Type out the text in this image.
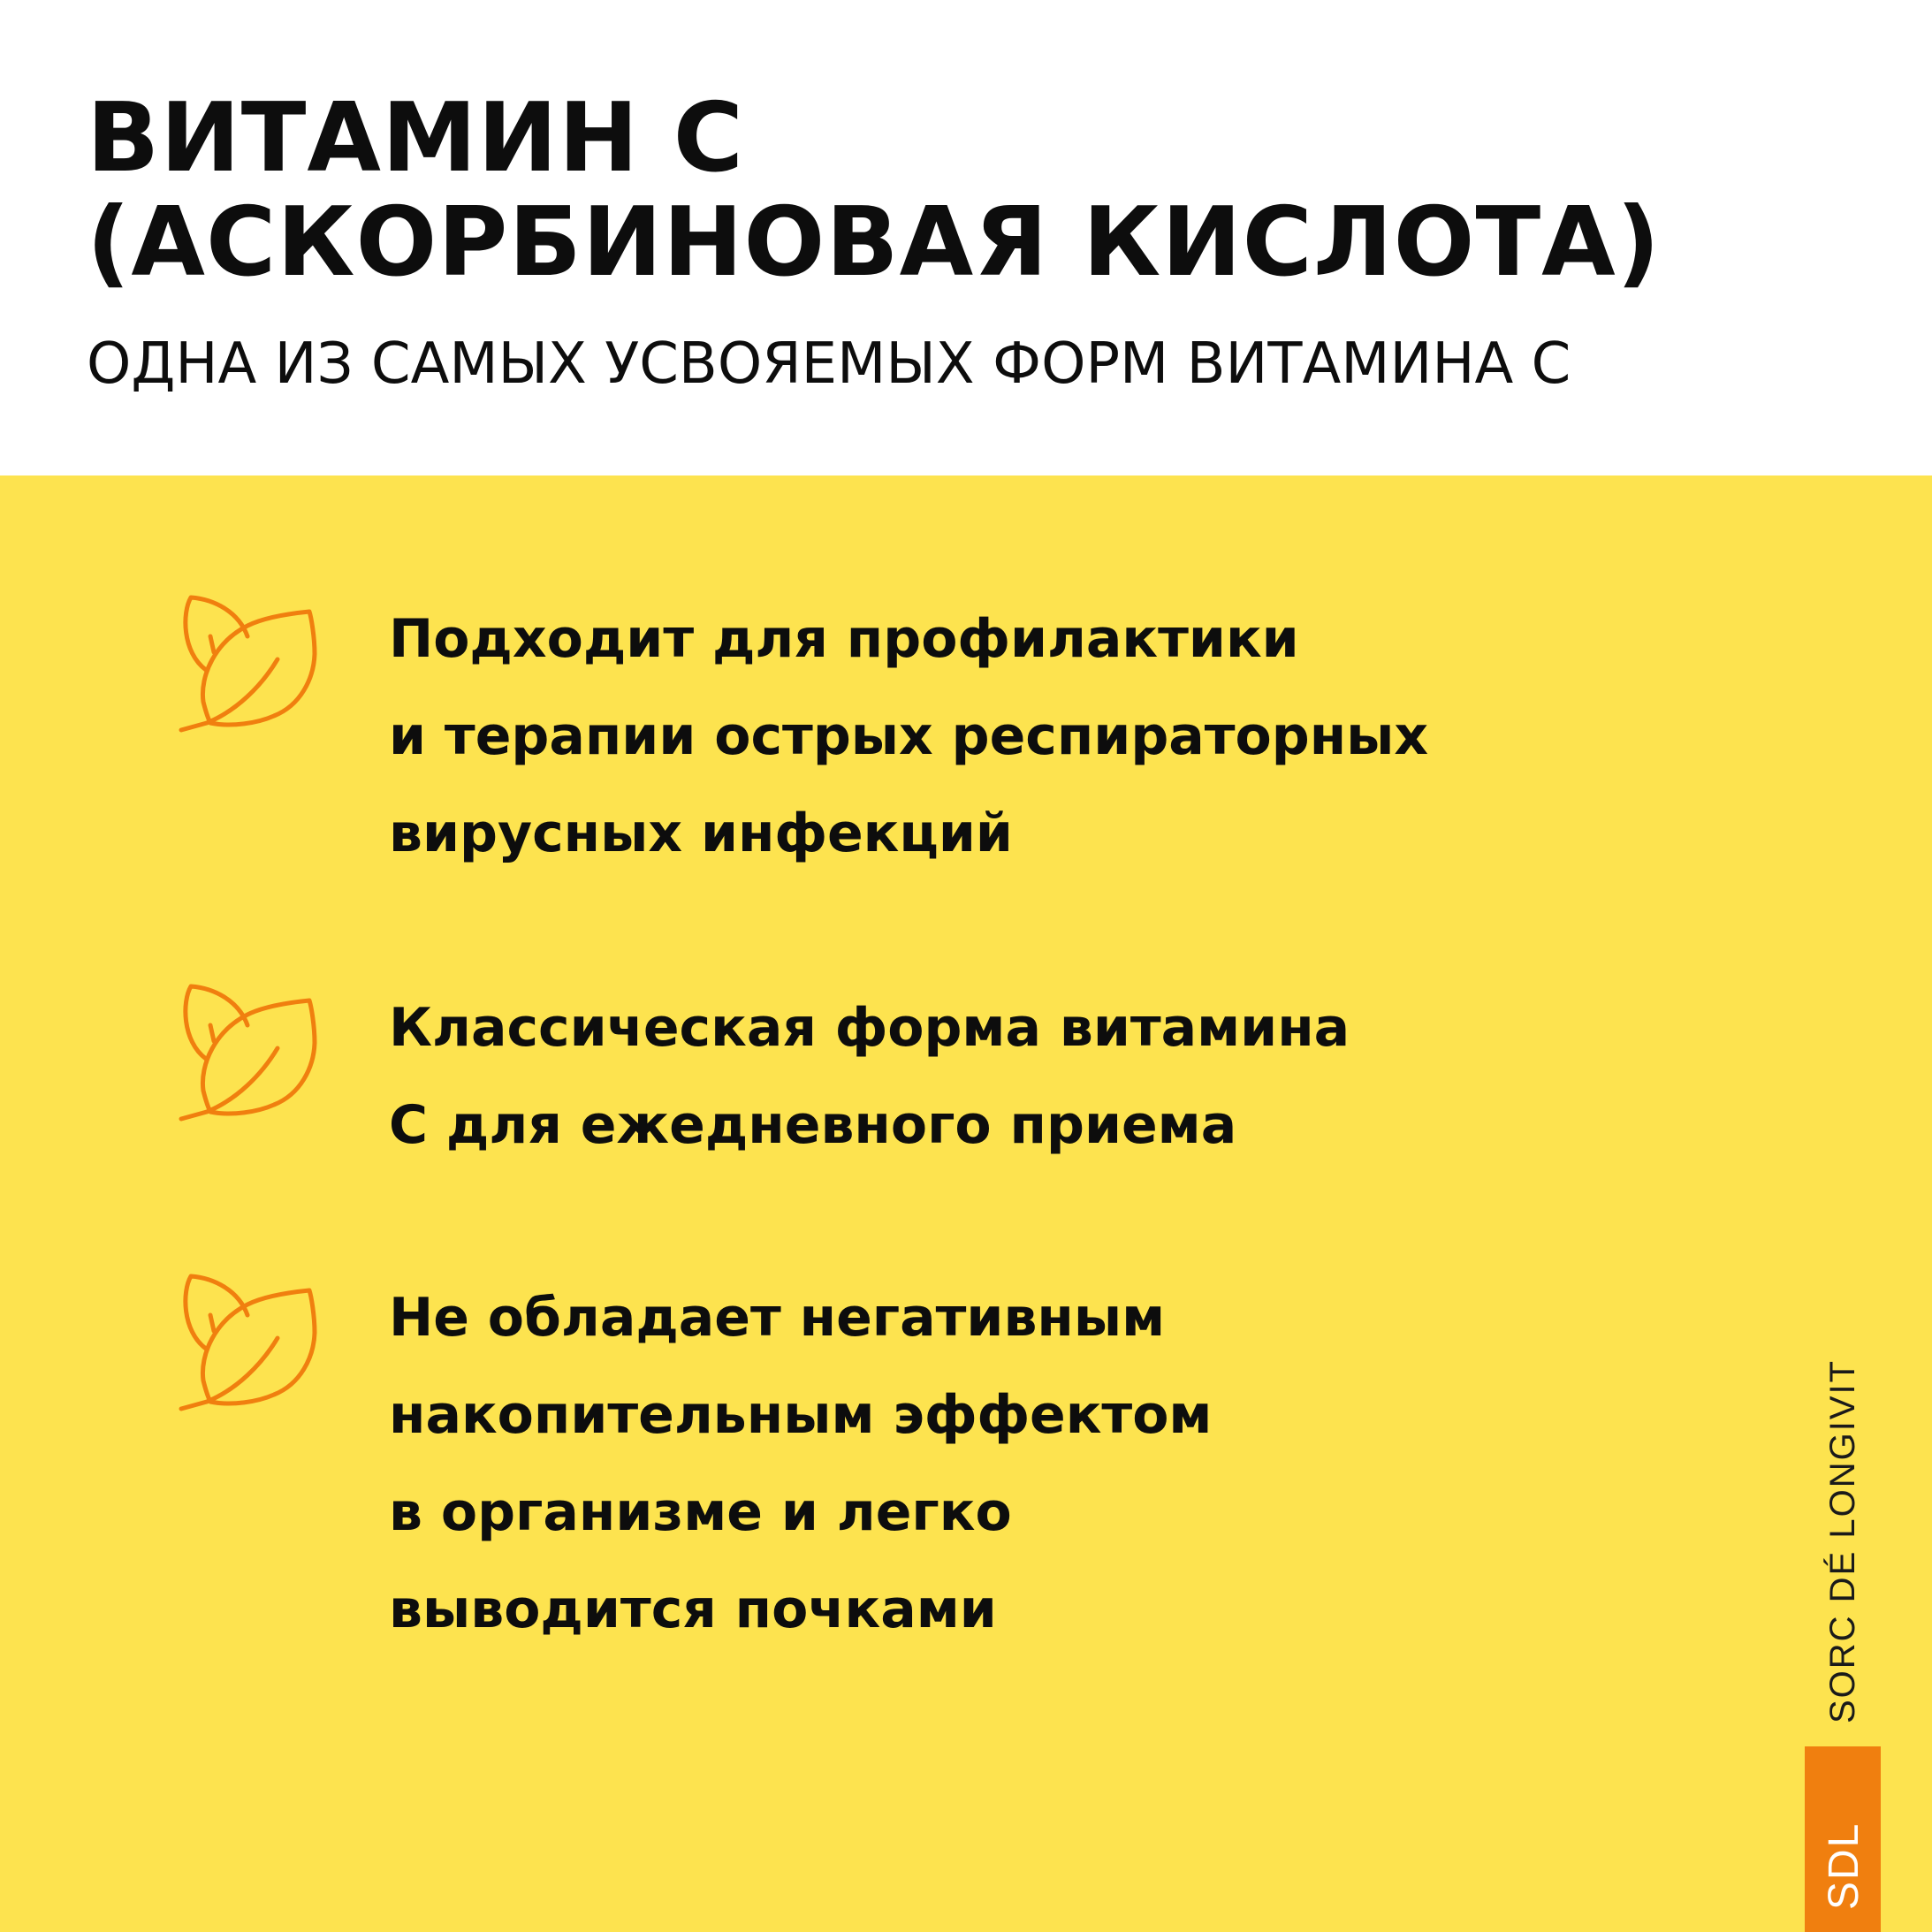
ВИТАМИН С
(АСКОРБИНОВАЯ КИСЛОТА)

ОДНА ИЗ САМЫХ УСВОЯЕМЫХ ФОРМ ВИТАМИНА С

Подходит для профилактики
и терапии острых респираторных
вирусных инфекций

Классическая форма витамина
С для ежедневного приема

Не обладает негативным
накопительным эффектом
в организме и легко
выводится почками	SORC DÉ LONGIVIT
SDL
